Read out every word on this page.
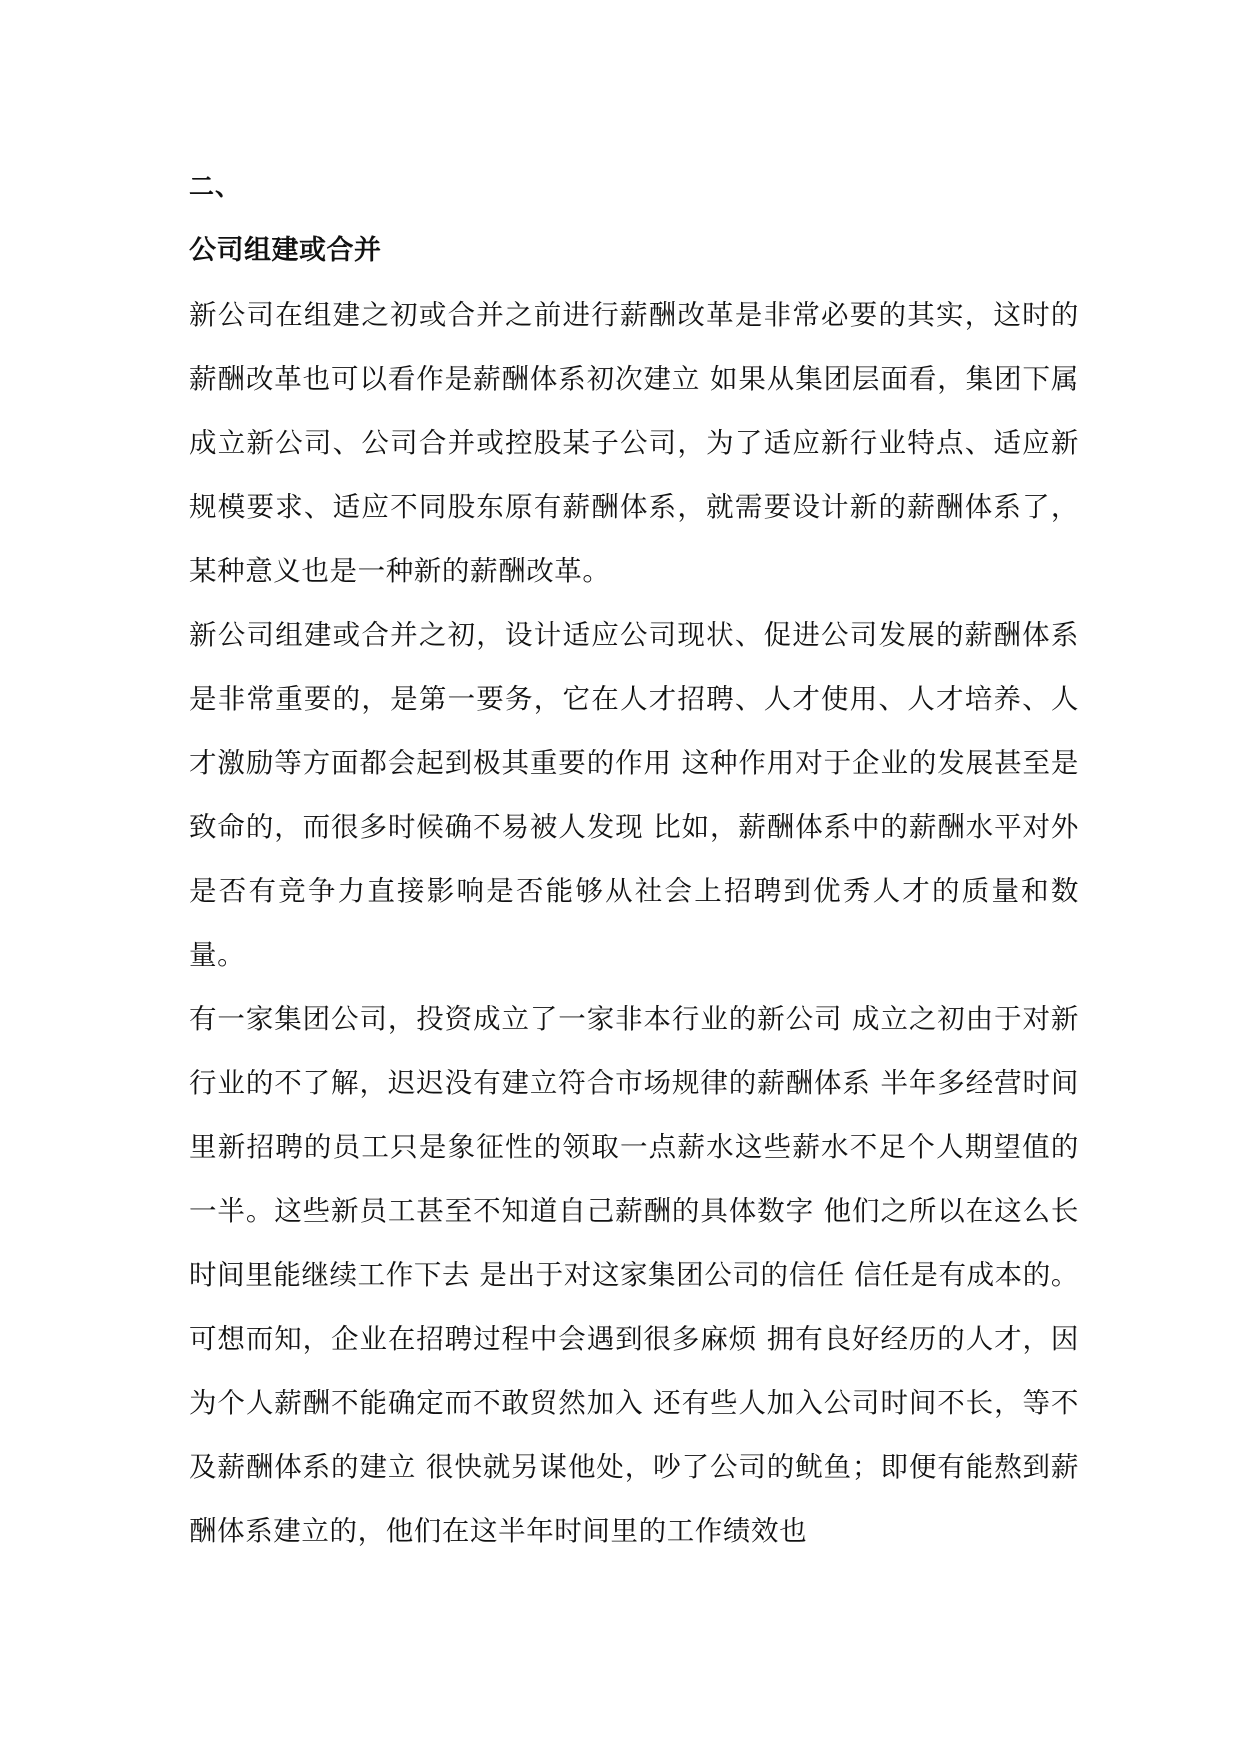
二、

公司组建或合并

新公司在组建之初或合并之前进行薪酬改革是非常必要的其实，这时的薪酬改革也可以看作是薪酬体系初次建立 如果从集团层面看，集团下属成立新公司、公司合并或控股某子公司，为了适应新行业特点、适应新规模要求、适应不同股东原有薪酬体系，就需要设计新的薪酬体系了，某种意义也是一种新的薪酬改革。

新公司组建或合并之初，设计适应公司现状、促进公司发展的薪酬体系是非常重要的，是第一要务，它在人才招聘、人才使用、人才培养、人才激励等方面都会起到极其重要的作用 这种作用对于企业的发展甚至是致命的，而很多时候确不易被人发现 比如，薪酬体系中的薪酬水平对外是否有竞争力直接影响是否能够从社会上招聘到优秀人才的质量和数量。

有一家集团公司，投资成立了一家非本行业的新公司 成立之初由于对新行业的不了解，迟迟没有建立符合市场规律的薪酬体系 半年多经营时间里新招聘的员工只是象征性的领取一点薪水这些薪水不足个人期望值的一半。这些新员工甚至不知道自己薪酬的具体数字 他们之所以在这么长时间里能继续工作下去 是出于对这家集团公司的信任 信任是有成本的。可想而知，企业在招聘过程中会遇到很多麻烦 拥有良好经历的人才，因为个人薪酬不能确定而不敢贸然加入 还有些人加入公司时间不长，等不及薪酬体系的建立 很快就另谋他处，吵了公司的鱿鱼；即便有能熬到薪酬体系建立的，他们在这半年时间里的工作绩效也
